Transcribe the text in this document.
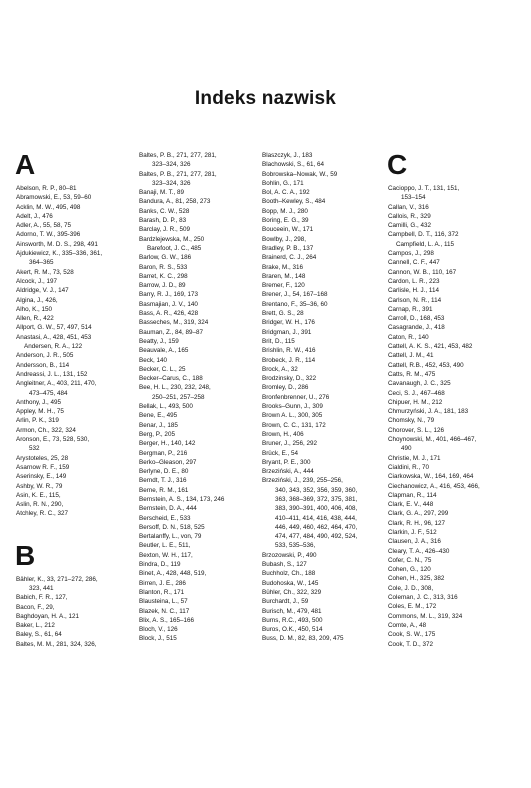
Indeks nazwisk
A
Abelson, R. P., 80–81
Abramowski, E., 53, 59–60
Acklin, M. W., 495, 498
Adelt, J., 476
Adler, A., 55, 58, 75
Adorno, T. W., 395-396
Ainsworth, M. D. S., 298, 491
Ajdukiewicz, K., 335–336, 361,
364–365
Akert, R. M., 73, 528
Alcock, J., 197
Aldridge, V. J., 147
Algina, J., 426,
Alho, K., 150
Allen, R., 422
Allport, G. W., 57, 497, 514
Anastasi, A., 428, 451, 453
Andersen, R. A., 122
Anderson, J. R., 505
Andersson, B., 114
Andreassi, J. L., 131, 152
Angleitner, A., 403, 211, 470,
473–475, 484
Anthony, J., 495
Appley, M. H., 75
Arlin, P. K., 319
Armon, Ch., 322, 324
Aronson, E., 73, 528, 530,
532
Arystoteles, 25, 28
Asarnow R. F., 159
Aserinsky, E., 149
Ashby, W. R., 79
Asin, K. E., 115,
Aslin, R. N., 290,
Atchley, R. C., 327
B
Bähler, K., 33, 271–272, 286,
323, 441
Babich, F. R., 127,
Bacon, F., 29,
Baghdoyan, H. A., 121
Baker, L., 212
Baley, S., 61, 64
Baltes, M. M., 281, 324, 326,
Baltes, P. B., 271, 277, 281,
323–324, 326
Baltes, P. B., 271, 277, 281,
323–324, 326
Banaji, M. T., 89
Bandura, A., 81, 258, 273
Banks, C. W., 528
Barash, D. P., 83
Barclay, J. R., 509
Bardzlejewska, M., 250
Barefoot, J. C., 485
Barlow, G. W., 186
Baron, R. S., 533
Barret, K. C., 298
Barrow, J. D., 89
Barry, R. J., 169, 173
Basmajian, J. V., 140
Bass, A. R., 426, 428
Basseches, M., 319, 324
Bauman, Z., 84, 89–87
Beatty, J., 159
Beauvale, A., 165
Beck, 140
Becker, C. L., 25
Becker–Carus, C., 188
Bee, H. L., 230, 232, 248,
250–251, 257–258
Bellak, L., 493, 500
Bene, E., 495
Benar, J., 185
Berg, P., 205
Berger, H., 140, 142
Bergman, P., 216
Berko–Gleason, 297
Berlyne, D. E., 80
Berndt, T. J., 316
Berne, R. M., 161
Bernstein, A. S., 134, 173, 246
Bernstein, D. A., 444
Berscheid, E., 533
Bersoff, D. N., 518, 525
Bertalanffy, L., von, 79
Beutler, L. E., 511,
Bexton, W. H., 117,
Bindra, D., 119
Binet, A., 428, 448, 519,
Birren, J. E., 286
Blanton, R., 171
Blausteina, L., 57
Blazek, N. C., 117
Blix, A. S., 165–166
Bloch, V., 126
Block, J., 515
Blaszczyk, J., 183
Blachowski, S., 61, 64
Bobrowska–Nowak, W., 59
Bohlin, G., 171
Bol, A. C. A., 192
Booth–Kewley, S., 484
Bopp, M. J., 280
Boring, E. G., 39
Bouceein, W., 171
Bowlby, J., 298,
Bradley, P. B., 137
Brainerd, C. J., 264
Brake, M., 316
Braren, M., 148
Bremer, F., 120
Brener, J., 54, 167–168
Brentano, F., 35–36, 60
Brett, G. S., 28
Bridger, W. H., 176
Bridgman, J., 391
Brit, D., 115
Brishlin, R. W., 416
Brobeck, J. R., 114
Brock, A., 32
Brodzinsky, D., 322
Bromley, D., 286
Bronfenbrenner, U., 276
Brooks–Gunn, J., 309
Brown A. L., 300, 305
Brown, C. C., 131, 172
Brown, H., 406
Bruner, J., 256, 292
Brück, E., 54
Bryant, P. E., 300
Brzeziński, A., 444
Brzeziński, J., 239, 255–256,
340, 343, 352, 356, 359, 360,
363, 368–369, 372, 375, 381,
383, 390–391, 400, 406, 408,
410–411, 414, 416, 438, 444,
446, 449, 460, 462, 464, 470,
474, 477, 484, 490, 492, 524,
533, 535–536,
Brzozowski, P., 490
Bubash, S., 127
Buchholz, Ch., 188
Budohoska, W., 145
Bühler, Ch., 322, 329
Burchardt, J., 59
Burisch, M., 479, 481
Burns, R.C., 493, 500
Buros, O.K., 450, 514
Buss, D. M., 82, 83, 209, 475
C
Cacioppo, J. T., 131, 151,
153–154
Callan, V., 316
Callois, R., 329
Camilli, G., 432
Campbell, D. T., 116, 372
Campfield, L. A., 115
Campos, J., 298
Cannell, C. F., 447
Cannon, W. B., 110, 167
Cardon, L. R., 223
Carlisle, H. J., 114
Carlson, N. R., 114
Carnap, R., 391
Carroll, D., 168, 453
Casagrande, J., 418
Caton, R., 140
Cattell, A. K. S., 421, 453, 482
Cattell, J. M., 41
Cattell, R.B., 452, 453, 490
Catts, R. M., 475
Cavanaugh, J. C., 325
Ceci, S. J., 467–468
Chipuer, H. M., 212
Chmurzyński, J. A., 181, 183
Chomsky, N., 79
Chorover, S. L., 126
Choynowski, M., 401, 466–467,
490
Christie, M. J., 171
Cialdini, R., 70
Ciarkowska, W., 164, 169, 464
Ciechanowicz, A., 416, 453, 466,
Clapman, R., 114
Clark, E. V., 448
Clark, G. A., 297, 299
Clark, R. H., 96, 127
Clarkin, J. F., 512
Clausen, J. A., 316
Cleary, T. A., 426–430
Cofer, C. N., 75
Cohen, G., 120
Cohen, H., 325, 382
Cole, J. D., 308,
Coleman, J. C., 313, 316
Coles, E. M., 172
Commons, M. L., 319, 324
Comte, A., 48
Cook, S. W., 175
Cook, T. D., 372
